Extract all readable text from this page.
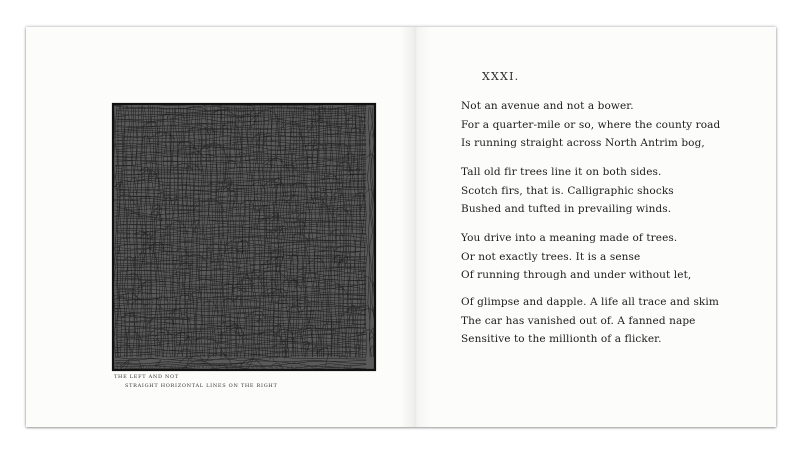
31. SCRIBBLES WITH STRAIGHT HORIZONTAL AND VERTICAL LINES ON THE LEFT AND NOT
STRAIGHT HORIZONTAL LINES ON THE RIGHT
XXXI.
Not an avenue and not a bower.
For a quarter-mile or so, where the county road
Is running straight across North Antrim bog,
Tall old fir trees line it on both sides.
Scotch firs, that is. Calligraphic shocks
Bushed and tufted in prevailing winds.
You drive into a meaning made of trees.
Or not exactly trees. It is a sense
Of running through and under without let,
Of glimpse and dapple. A life all trace and skim
The car has vanished out of. A fanned nape
Sensitive to the millionth of a flicker.
